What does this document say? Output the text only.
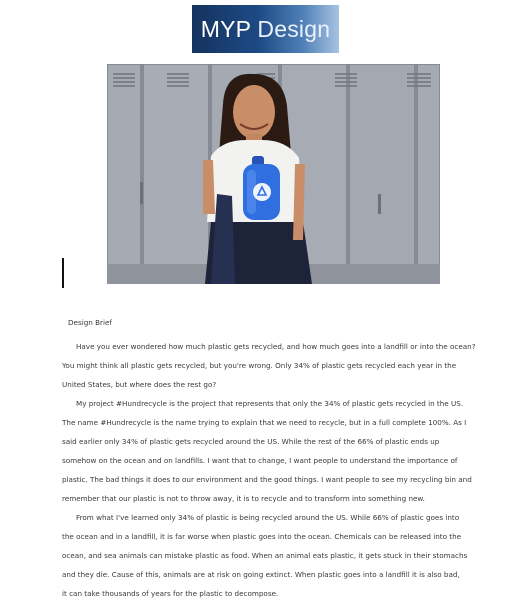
MYP Design
Design Brief
Have you ever wondered how much plastic gets recycled, and how much goes into a landfill or into the ocean?
You might think all plastic gets recycled, but you're wrong. Only 34% of plastic gets recycled each year in the
United States, but where does the rest go?
My project #Hundrecycle is the project that represents that only the 34% of plastic gets recycled in the US.
The name #Hundrecycle is the name trying to explain that we need to recycle, but in a full complete 100%. As I
said earlier only 34% of plastic gets recycled around the US. While the rest of the 66% of plastic ends up
somehow on the ocean and on landfills. I want that to change, I want people to understand the importance of
plastic. The bad things it does to our environment and the good things. I want people to see my recycling bin and
remember that our plastic is not to throw away, it is to recycle and to transform into something new.
From what I've learned only 34% of plastic is being recycled around the US. While 66% of plastic goes into
the ocean and in a landfill, it is far worse when plastic goes into the ocean. Chemicals can be released into the
ocean, and sea animals can mistake plastic as food. When an animal eats plastic, it gets stuck in their stomachs
and they die. Cause of this, animals are at risk on going extinct. When plastic goes into a landfill it is also bad,
it can take thousands of years for the plastic to decompose.
